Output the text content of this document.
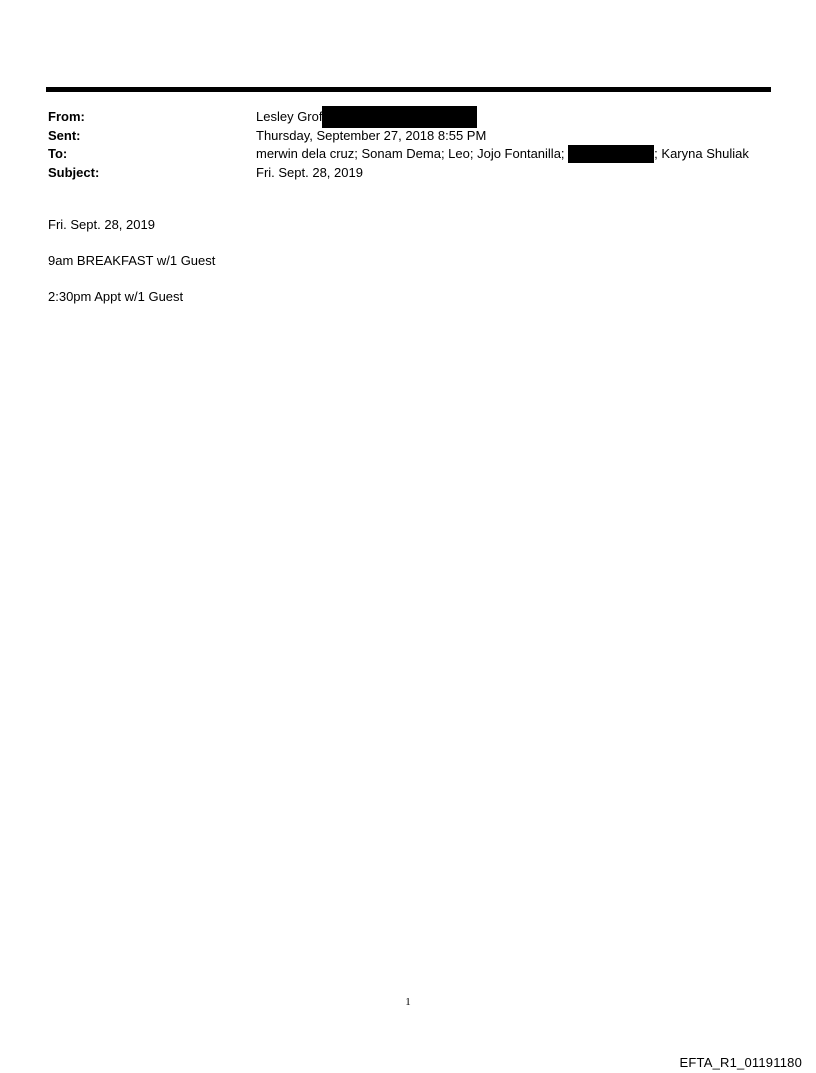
From:	Lesley Grof
Sent:	Thursday, September 27, 2018 8:55 PM
To:	merwin dela cruz; Sonam Dema; Leo; Jojo Fontanilla;	; Karyna Shuliak
Subject:	Fri. Sept. 28, 2019
Fri. Sept. 28, 2019
9am BREAKFAST w/1 Guest
2:30pm Appt w/1 Guest
1
EFTA_R1_01191180
